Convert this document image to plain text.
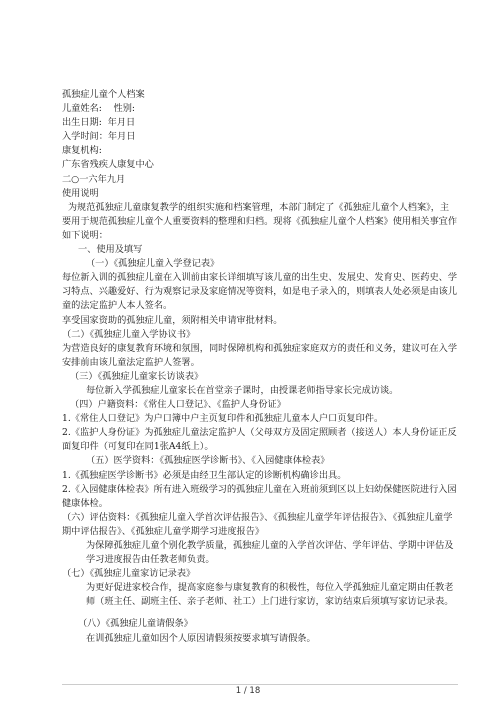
孤独症儿童个人档案
儿童姓名:    性别:
出生日期:  年月日
入学时间：年月日
康复机构:
广东省残疾人康复中心
二○一六年九月
使用说明
为规范孤独症儿童康复教学的组织实施和档案管理，本部门制定了《孤独症儿童个人档案》，主要用于规范孤独症儿童个人重要资料的整理和归档。现将《孤独症儿童个人档案》使用相关事宜作如下说明：
一、使用及填写
（一）《孤独症儿童入学登记表》
每位新入训的孤独症儿童在入训前由家长详细填写该儿童的出生史、发展史、发育史、医药史、学习特点、兴趣爱好、行为观察记录及家庭情况等资料，如是电子录入的，则填表人处必须是由该儿童的法定监护人本人签名。
享受国家资助的孤独症儿童，须附相关申请审批材料。
（二）《孤独症儿童入学协议书》
为营造良好的康复教育环境和氛围，同时保障机构和孤独症家庭双方的责任和义务，建议可在入学安排前由该儿童法定监护人签署。
（三）《孤独症儿童家长访谈表》
每位新入学孤独症儿童家长在首堂亲子课时，由授课老师指导家长完成访谈。
（四）户籍资料：《常住人口登记》、《监护人身份证》
1.《常住人口登记》为户口簿中户主页复印件和孤独症儿童本人户口页复印件。
2.《监护人身份证》为孤独症儿童法定监护人（父母双方及固定照顾者（接送人）本人身份证正反面复印件（可复印在同1张A4纸上）。
（五）医学资料：《孤独症医学诊断书》、《入园健康体检表》
1.《孤独症医学诊断书》必须是由经卫生部认定的诊断机构确诊出具。
2.《入园健康体检表》所有进入班级学习的孤独症儿童在入班前须到区以上妇幼保健医院进行入园健康体检。
（六）评估资料：《孤独症儿童入学首次评估报告》、《孤独症儿童学年评估报告》、《孤独症儿童学期中评估报告》、《孤独症儿童学期学习进度报告》
为保障孤独症儿童个别化教学质量，孤独症儿童的入学首次评估、学年评估、学期中评估及学习进度报告由任教老师负责。
（七）《孤独症儿童家访记录表》
为更好促进家校合作，提高家庭参与康复教育的积极性，每位入学孤独症儿童定期由任教老师（班主任、副班主任、亲子老师、社工）上门进行家访，家访结束后须填写家访记录表。
（八）《孤独症儿童请假条》
在训孤独症儿童如因个人原因请假须按要求填写请假条。
1 / 18
